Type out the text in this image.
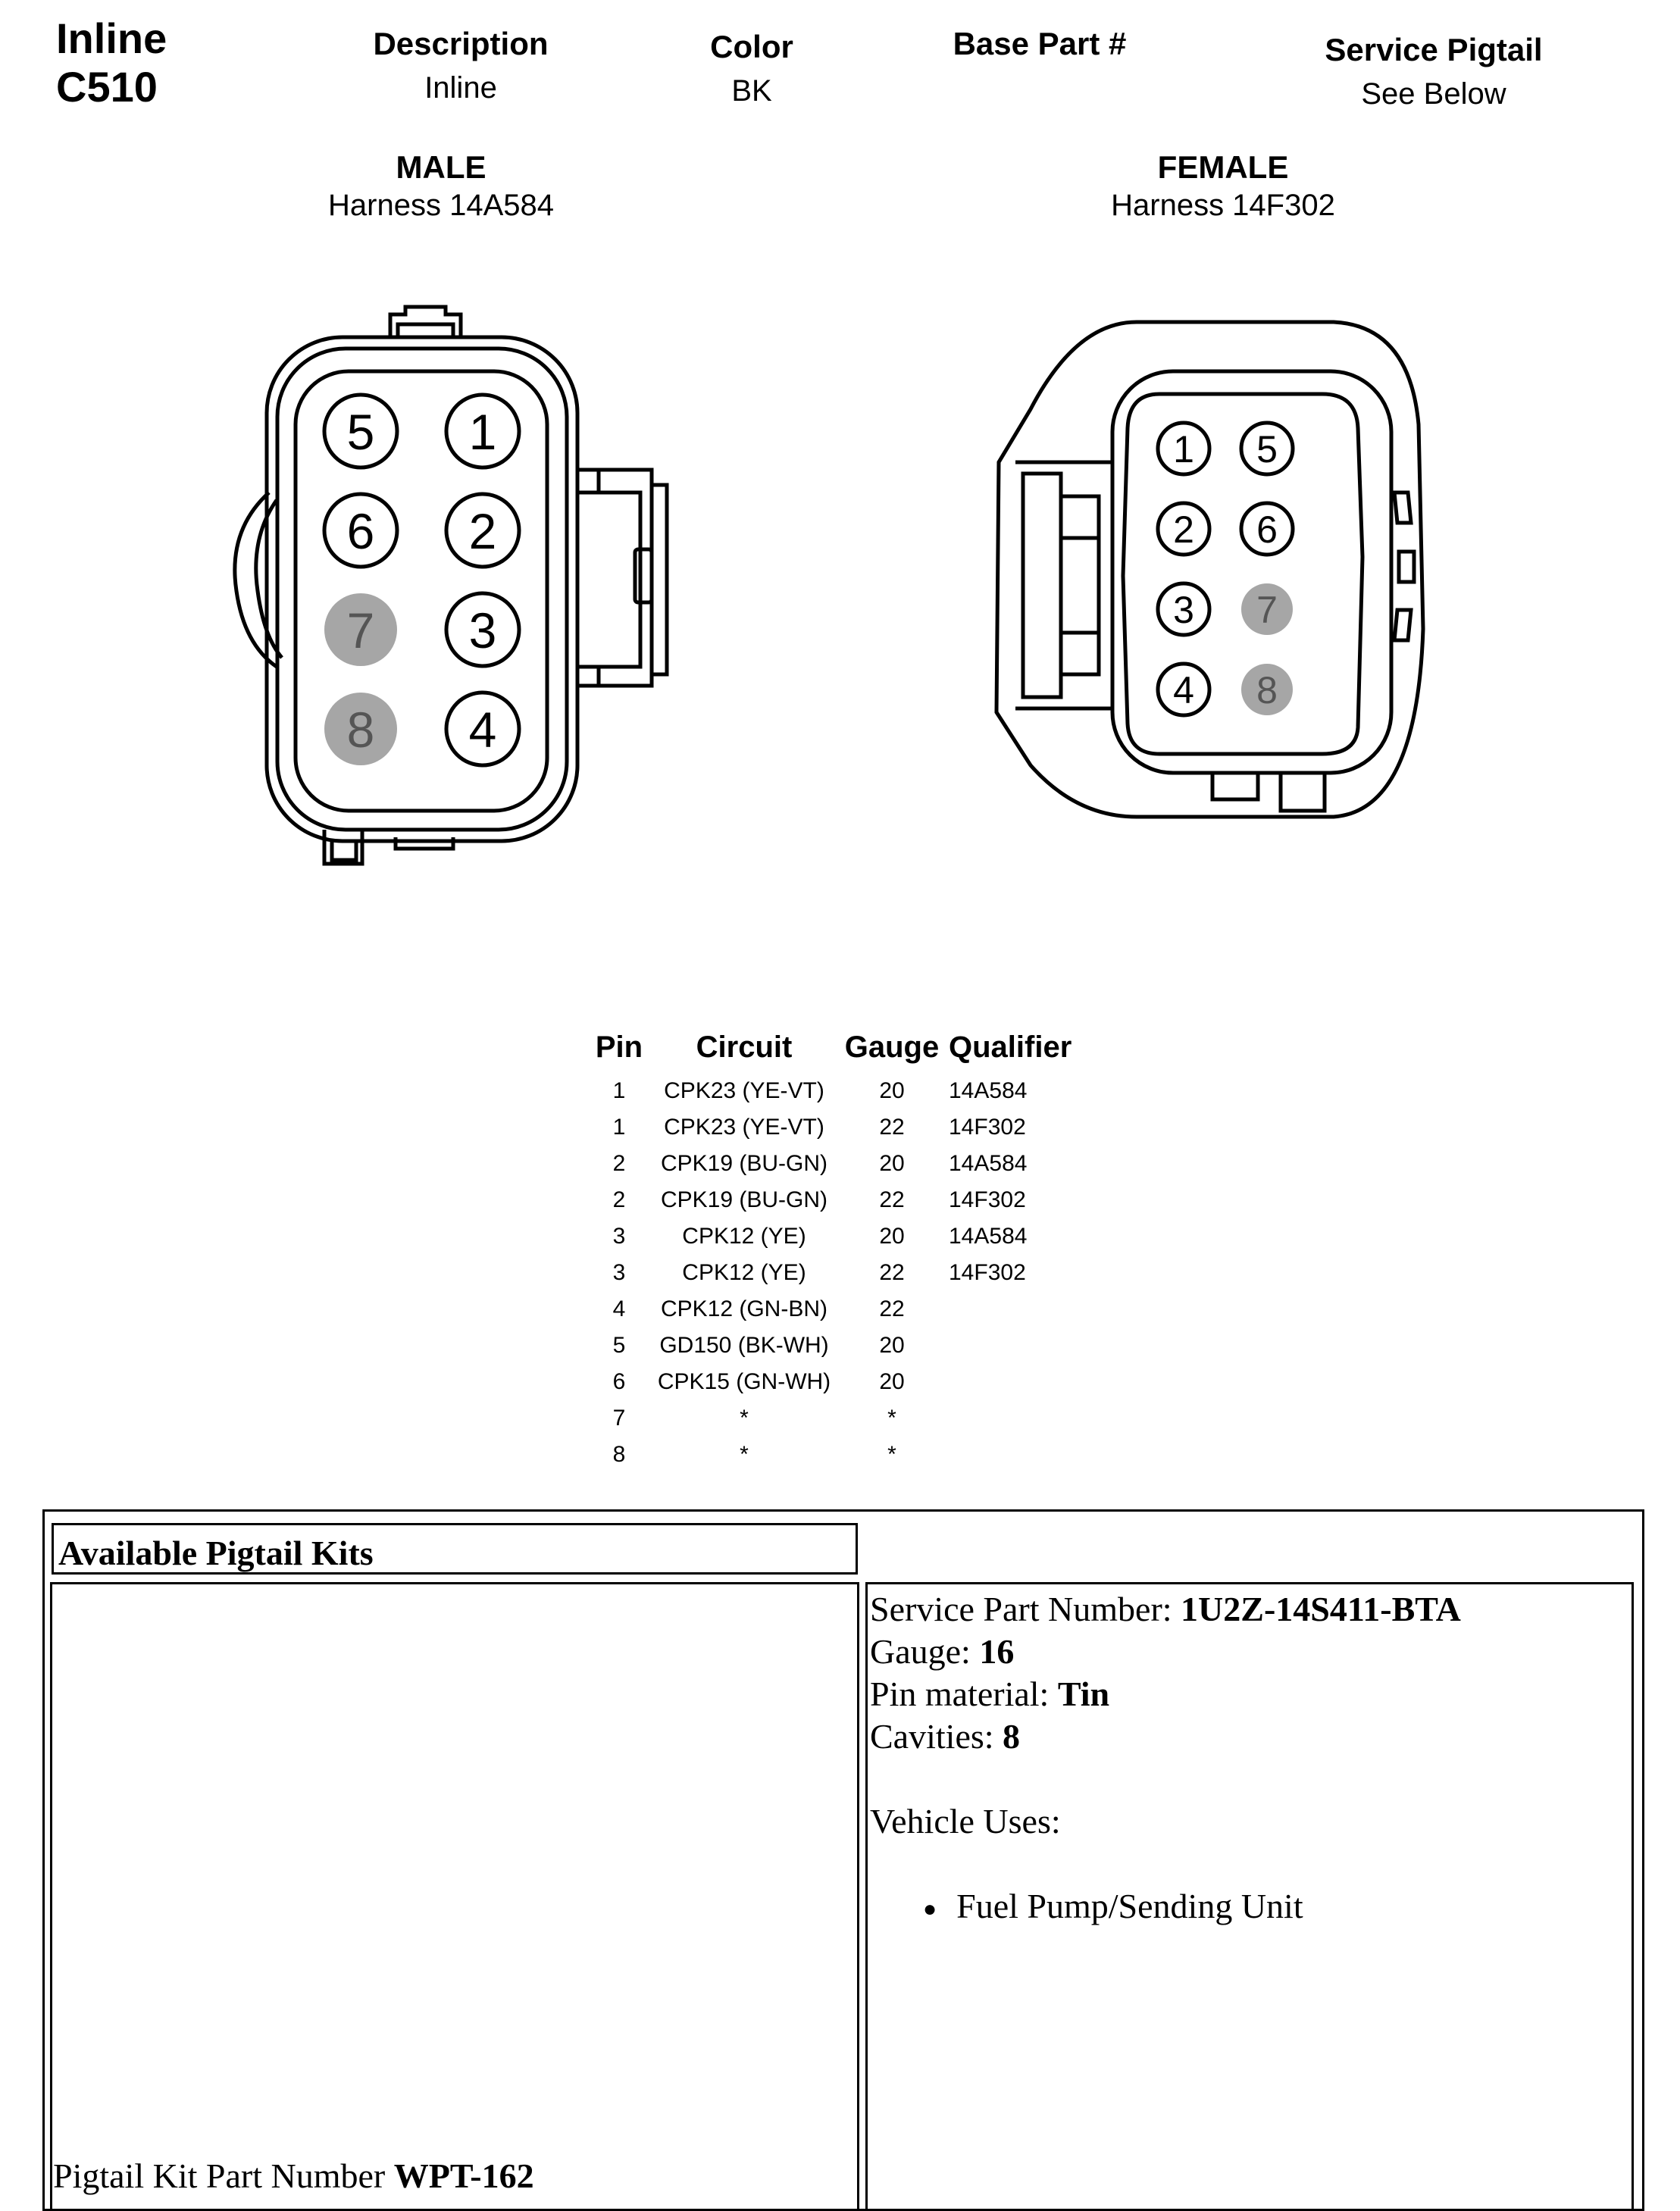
Inline
C510
Description
Inline
Color
BK
Base Part #	Service Pigtail
See Below
MALE
Harness 14A584
FEMALE
Harness 14F302
5
6
7
8
1
2
3
4
1
2
3
4
5
6
7
8
Pin	Circuit	Gauge	Qualifier
1	CPK23 (YE-VT)	20	14A584
1	CPK23 (YE-VT)	22	14F302
2	CPK19 (BU-GN)	20	14A584
2	CPK19 (BU-GN)	22	14F302
3	CPK12 (YE)	20	14A584
3	CPK12 (YE)	22	14F302
4	CPK12 (GN-BN)	22	
5	GD150 (BK-WH)	20	
6	CPK15 (GN-WH)	20	
7	*	*	
8	*	*	
Available Pigtail Kits
Service Part Number: 1U2Z-14S411-BTA
Gauge: 16
Pin material: Tin
Cavities: 8
Vehicle Uses:
● Fuel Pump/Sending Unit
Pigtail Kit Part Number WPT-162
